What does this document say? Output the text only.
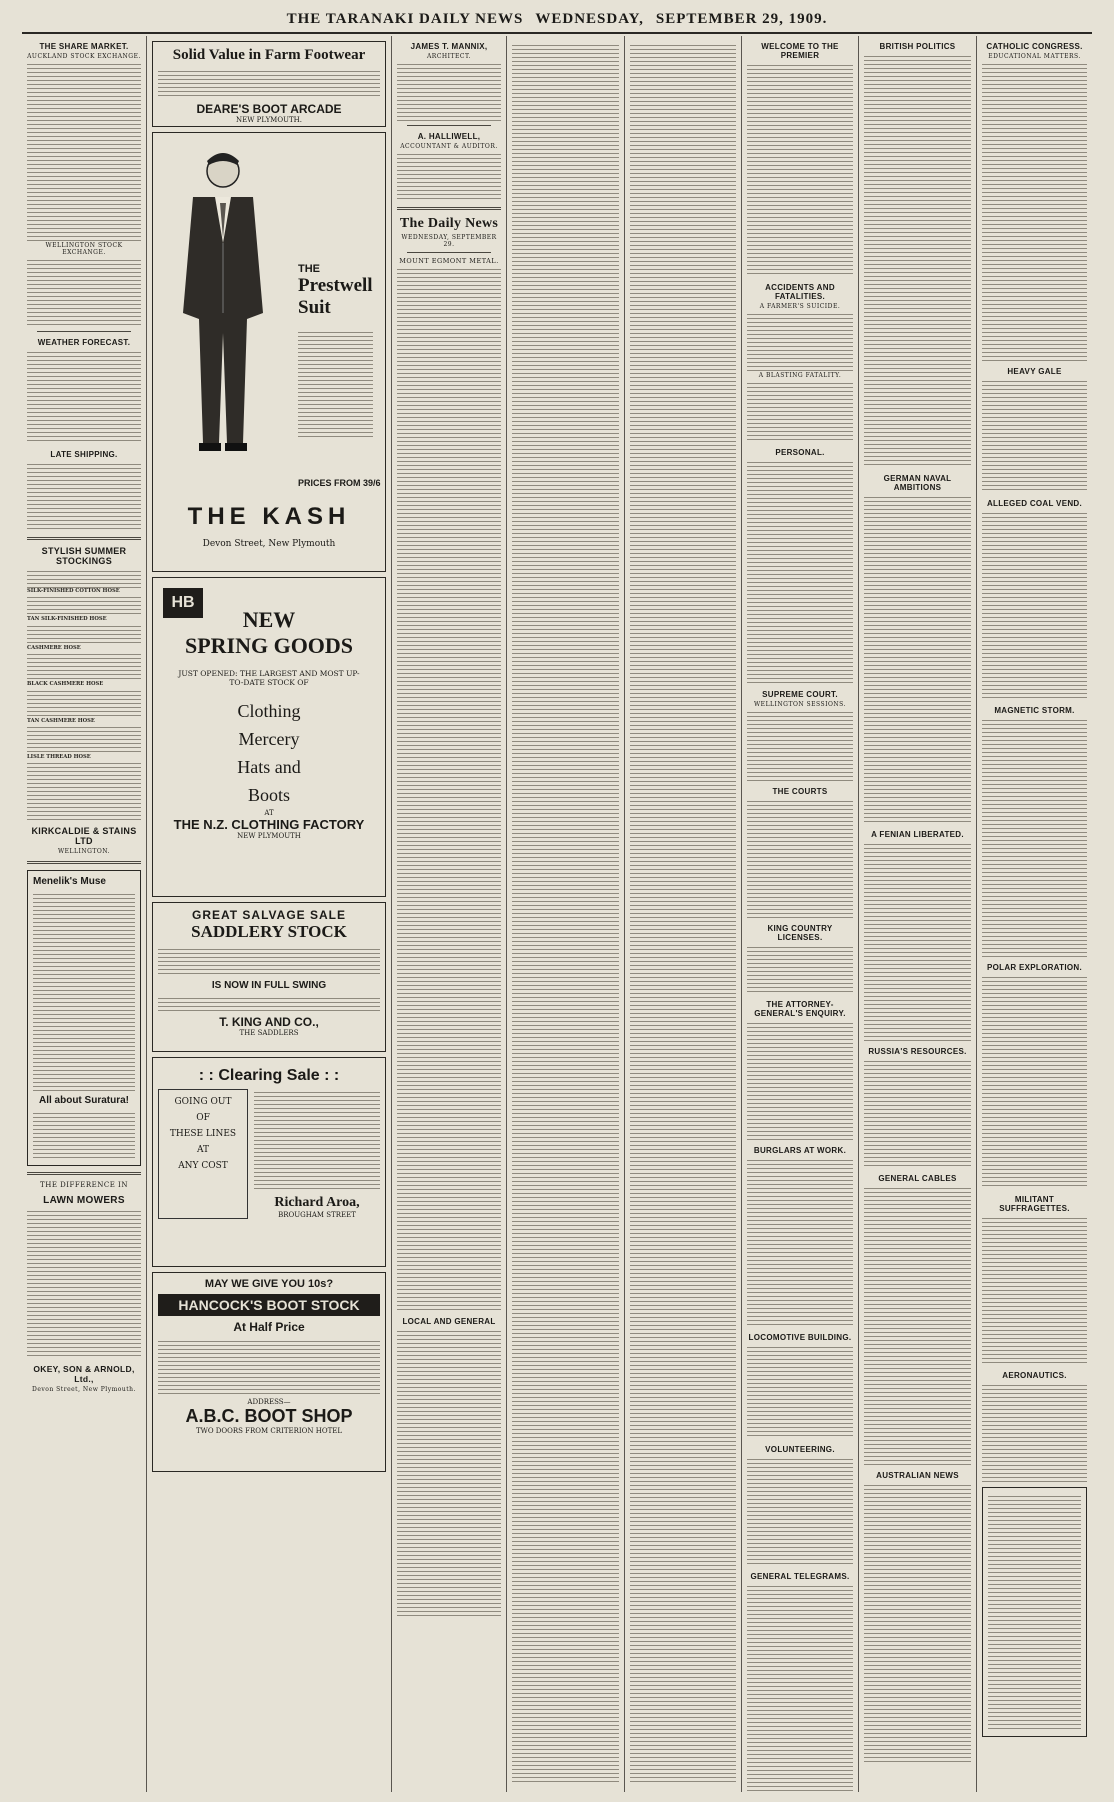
THE TARANAKI DAILY NEWS WEDNESDAY, SEPTEMBER 29, 1909.
THE SHARE MARKET.
AUCKLAND STOCK EXCHANGE.
WELLINGTON STOCK EXCHANGE.
WEATHER FORECAST.
LATE SHIPPING.
STYLISH SUMMER STOCKINGS
SILK-FINISHED COTTON HOSE
TAN SILK-FINISHED HOSE
CASHMERE HOSE
BLACK CASHMERE HOSE
TAN CASHMERE HOSE
LISLE THREAD HOSE
KIRKCALDIE & STAINS LTD
WELLINGTON.
Menelik's Muse
All about Suratura!
THE DIFFERENCE IN
LAWN MOWERS
OKEY, SON & ARNOLD, Ltd.,
Devon Street, New Plymouth.
Solid Value in Farm Footwear
DEARE'S BOOT ARCADE
NEW PLYMOUTH.
THE
Prestwell Suit
PRICES FROM 39/6
THE KASH
Devon Street, New Plymouth
HB
NEW
SPRING GOODS
JUST OPENED: THE LARGEST AND MOST UP-TO-DATE STOCK OF
Clothing
Mercery
Hats and
Boots
AT
THE N.Z. CLOTHING FACTORY
NEW PLYMOUTH
GREAT SALVAGE SALE
SADDLERY STOCK
IS NOW IN FULL SWING
T. KING AND CO.,
THE SADDLERS
: : Clearing Sale : :
GOING OUT
OF
THESE LINES
AT
ANY COST
Richard Aroa,
BROUGHAM STREET
MAY WE GIVE YOU 10s?
HANCOCK'S BOOT STOCK
At Half Price
ADDRESS—
A.B.C. BOOT SHOP
TWO DOORS FROM CRITERION HOTEL
JAMES T. MANNIX,
ARCHITECT.
A. HALLIWELL,
ACCOUNTANT & AUDITOR.
The Daily News
WEDNESDAY, SEPTEMBER 29.
MOUNT EGMONT METAL.
LOCAL AND GENERAL
WELCOME TO THE PREMIER
ACCIDENTS AND FATALITIES.
A FARMER'S SUICIDE.
A BLASTING FATALITY.
PERSONAL.
SUPREME COURT.
WELLINGTON SESSIONS.
THE COURTS
KING COUNTRY LICENSES.
THE ATTORNEY-GENERAL'S ENQUIRY.
BURGLARS AT WORK.
LOCOMOTIVE BUILDING.
VOLUNTEERING.
GENERAL TELEGRAMS.
BRITISH POLITICS
GERMAN NAVAL AMBITIONS
A FENIAN LIBERATED.
RUSSIA'S RESOURCES.
GENERAL CABLES
AUSTRALIAN NEWS
CATHOLIC CONGRESS.
EDUCATIONAL MATTERS.
HEAVY GALE
ALLEGED COAL VEND.
MAGNETIC STORM.
POLAR EXPLORATION.
MILITANT SUFFRAGETTES.
AERONAUTICS.
